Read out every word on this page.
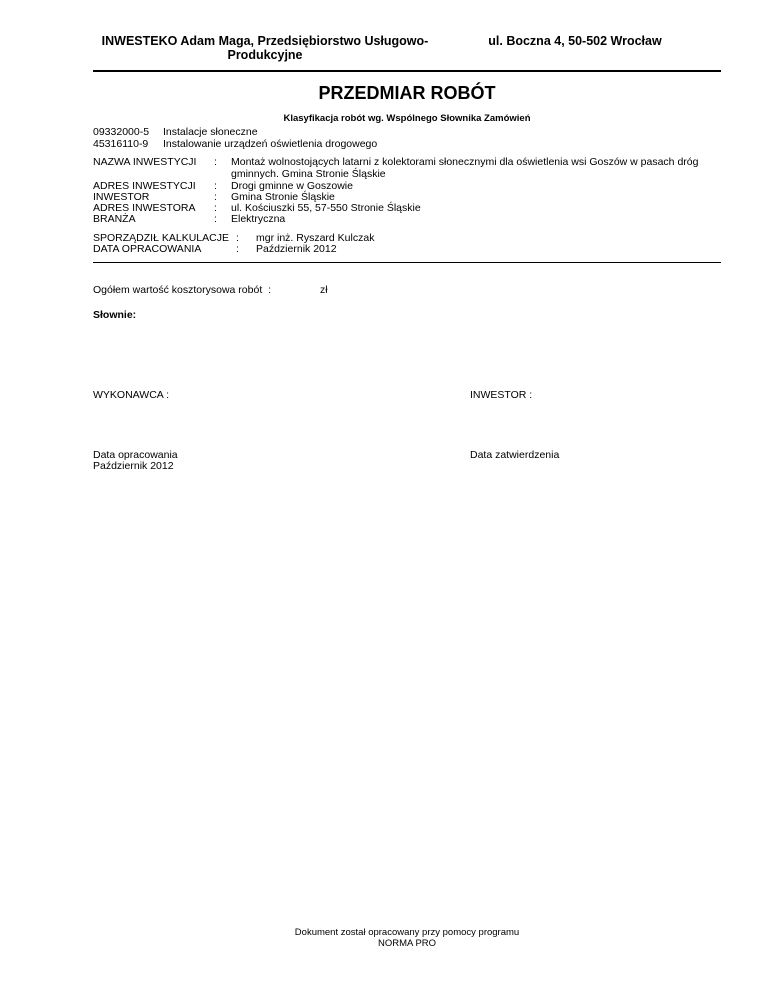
INWESTEKO Adam Maga, Przedsiębiorstwo Usługowo-Produkcyjne
ul. Boczna 4, 50-502 Wrocław
PRZEDMIAR ROBÓT
Klasyfikacja robót wg. Wspólnego Słownika Zamówień
09332000-5	Instalacje słoneczne
45316110-9	Instalowanie urządzeń oświetlenia drogowego
NAZWA INWESTYCJI	:	Montaż wolnostojących latarni z kolektorami słonecznymi dla oświetlenia wsi Goszów w pasach dróg gminnych. Gmina Stronie Śląskie
ADRES INWESTYCJI	:	Drogi gminne w Goszowie
INWESTOR	:	Gmina Stronie Śląskie
ADRES INWESTORA	:	ul. Kościuszki 55, 57-550 Stronie Śląskie
BRANŻA	:	Elektryczna
SPORZĄDZIŁ KALKULACJE :	mgr inż. Ryszard Kulczak
DATA OPRACOWANIA	:	Październik 2012
Ogółem wartość kosztorysowa robót  :	zł
Słownie:
WYKONAWCA :	INWESTOR :
Data opracowania
Październik 2012
Data zatwierdzenia
Dokument został opracowany przy pomocy programu
NORMA PRO
